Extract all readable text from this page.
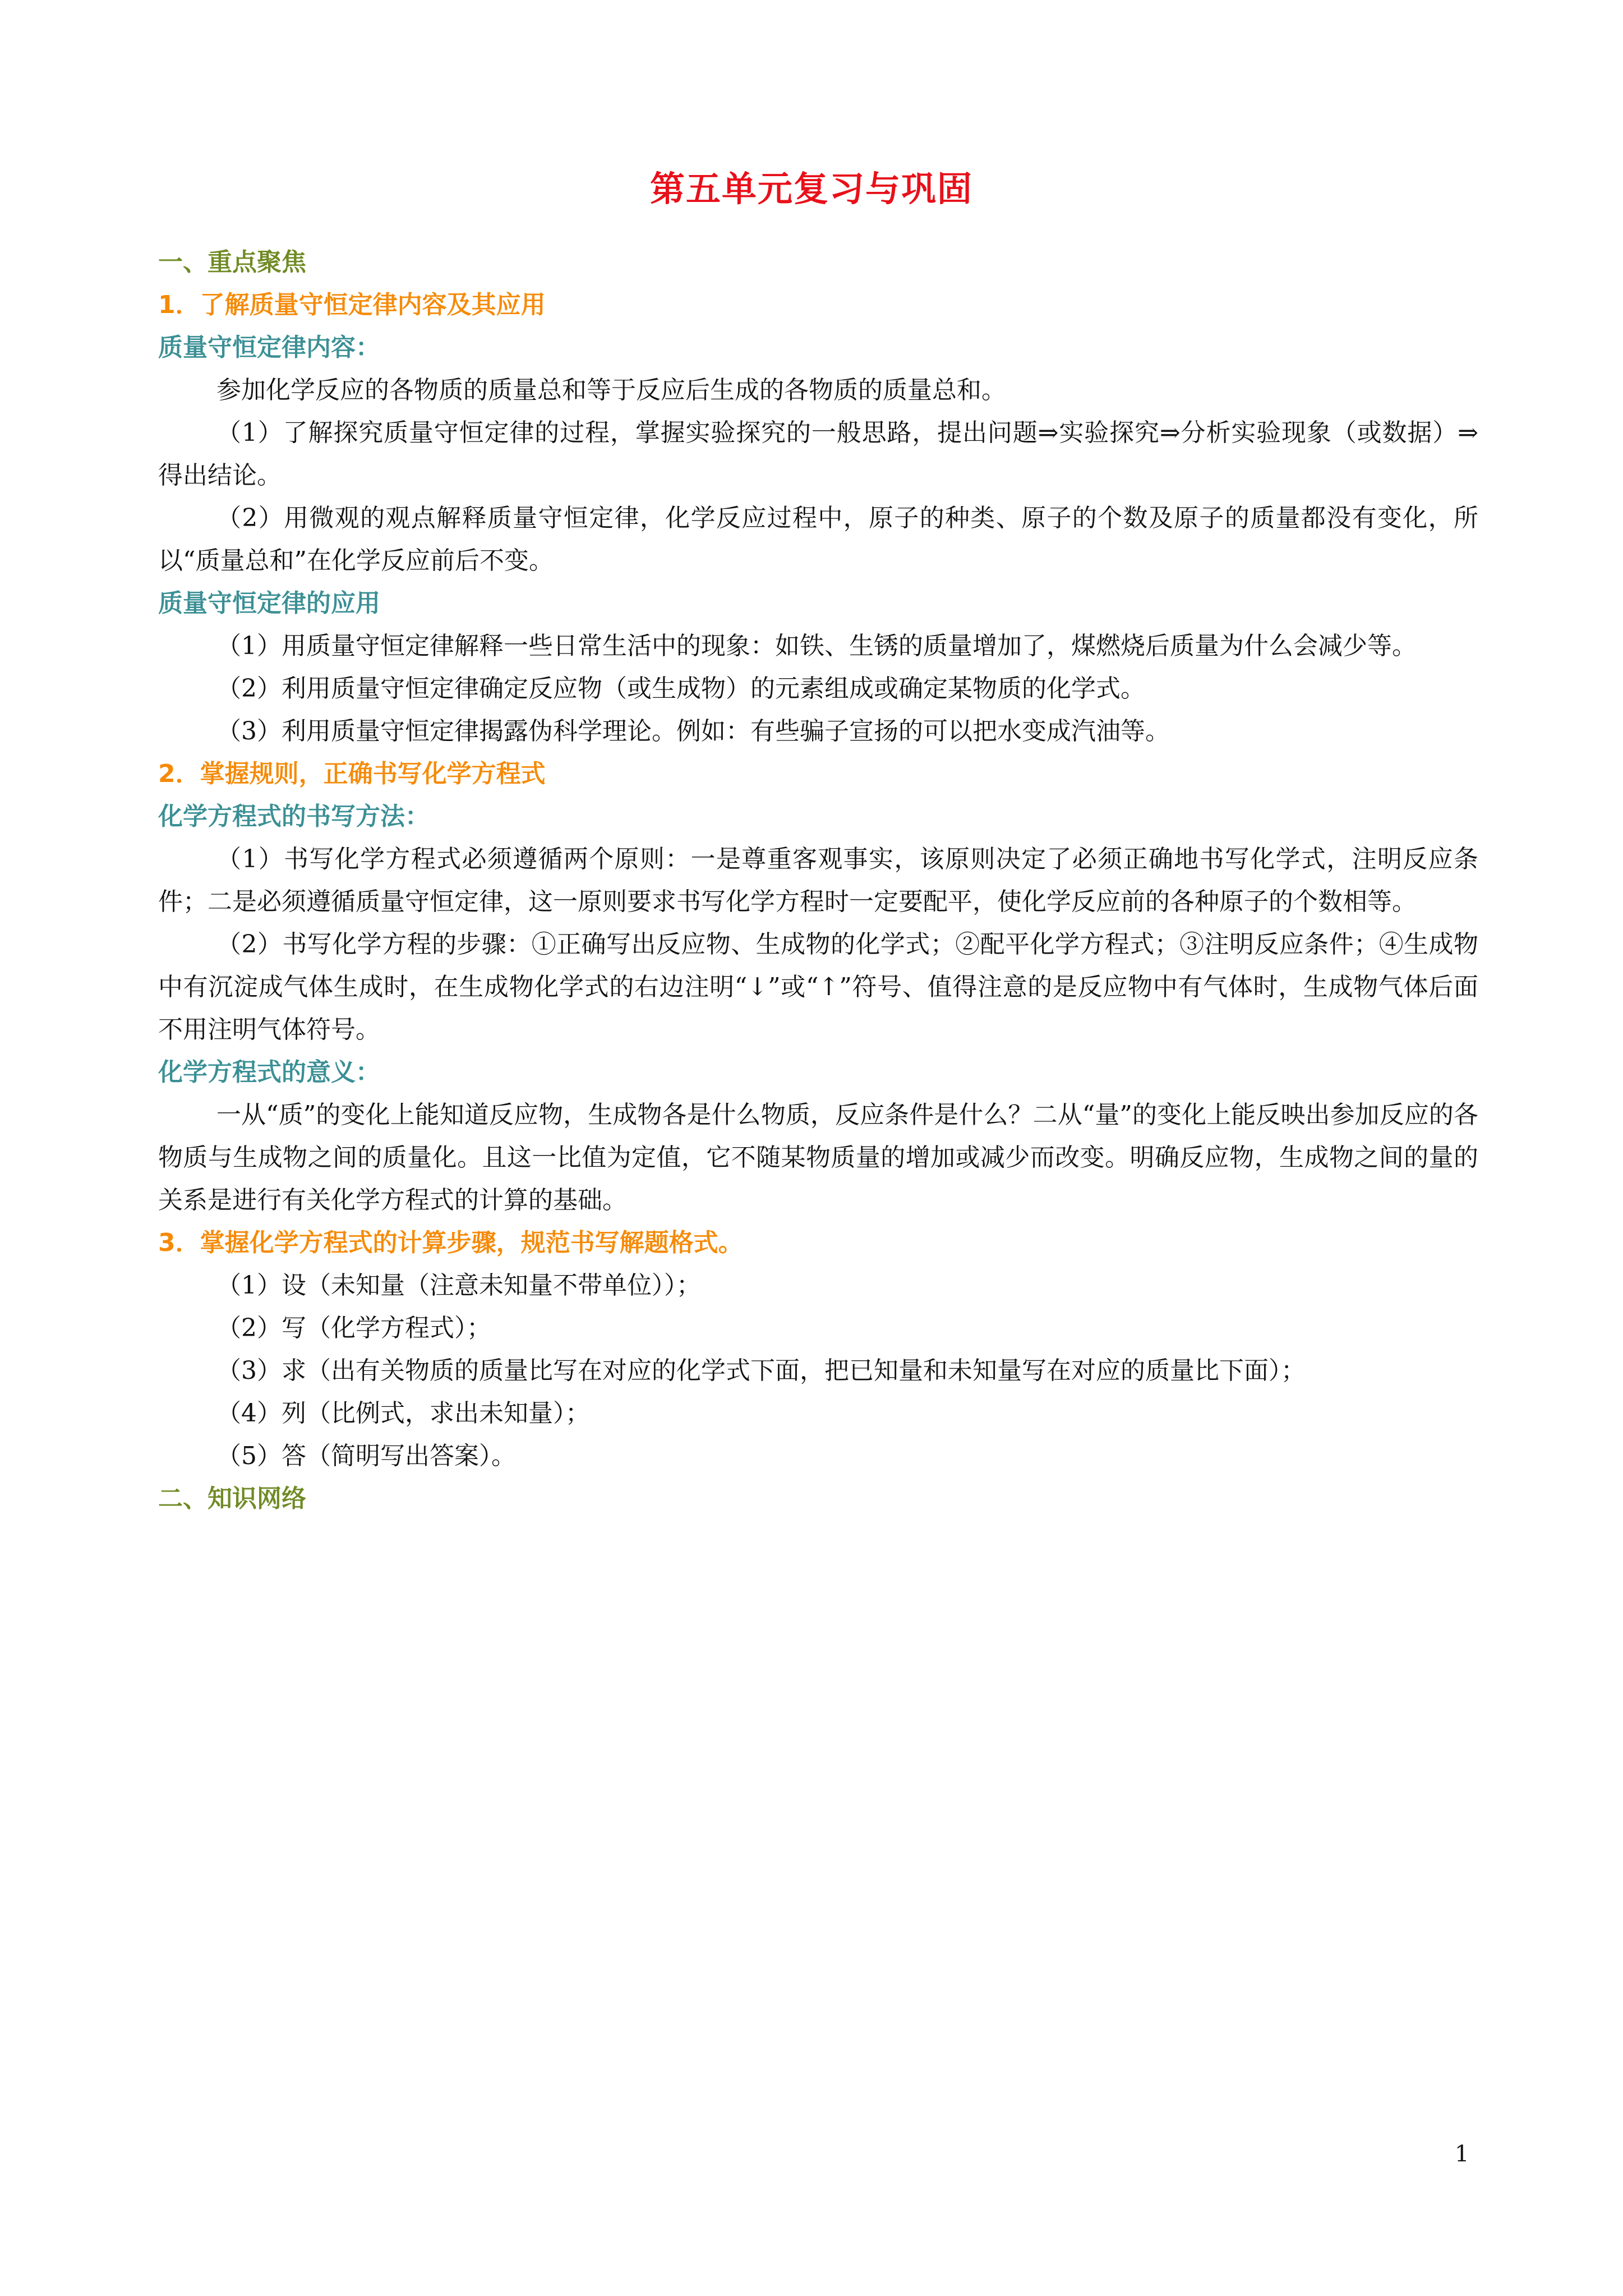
第五单元复习与巩固
一、重点聚焦
1．了解质量守恒定律内容及其应用
质量守恒定律内容：
参加化学反应的各物质的质量总和等于反应后生成的各物质的质量总和。
（1）了解探究质量守恒定律的过程，掌握实验探究的一般思路，提出问题⇒实验探究⇒分析实验现象（或数据）⇒得出结论。
（2）用微观的观点解释质量守恒定律，化学反应过程中，原子的种类、原子的个数及原子的质量都没有变化，所以“质量总和”在化学反应前后不变。
质量守恒定律的应用
（1）用质量守恒定律解释一些日常生活中的现象：如铁、生锈的质量增加了，煤燃烧后质量为什么会减少等。
（2）利用质量守恒定律确定反应物（或生成物）的元素组成或确定某物质的化学式。
（3）利用质量守恒定律揭露伪科学理论。例如：有些骗子宣扬的可以把水变成汽油等。
2．掌握规则，正确书写化学方程式
化学方程式的书写方法：
（1）书写化学方程式必须遵循两个原则：一是尊重客观事实，该原则决定了必须正确地书写化学式，注明反应条件；二是必须遵循质量守恒定律，这一原则要求书写化学方程时一定要配平，使化学反应前的各种原子的个数相等。
（2）书写化学方程的步骤：①正确写出反应物、生成物的化学式；②配平化学方程式；③注明反应条件；④生成物中有沉淀成气体生成时，在生成物化学式的右边注明“↓”或“↑”符号、值得注意的是反应物中有气体时，生成物气体后面不用注明气体符号。
化学方程式的意义：
一从“质”的变化上能知道反应物，生成物各是什么物质，反应条件是什么？二从“量”的变化上能反映出参加反应的各物质与生成物之间的质量化。且这一比值为定值，它不随某物质量的增加或减少而改变。明确反应物，生成物之间的量的关系是进行有关化学方程式的计算的基础。
3．掌握化学方程式的计算步骤，规范书写解题格式。
（1）设（未知量（注意未知量不带单位））；
（2）写（化学方程式）；
（3）求（出有关物质的质量比写在对应的化学式下面，把已知量和未知量写在对应的质量比下面）；
（4）列（比例式，求出未知量）；
（5）答（简明写出答案）。
二、知识网络
1
